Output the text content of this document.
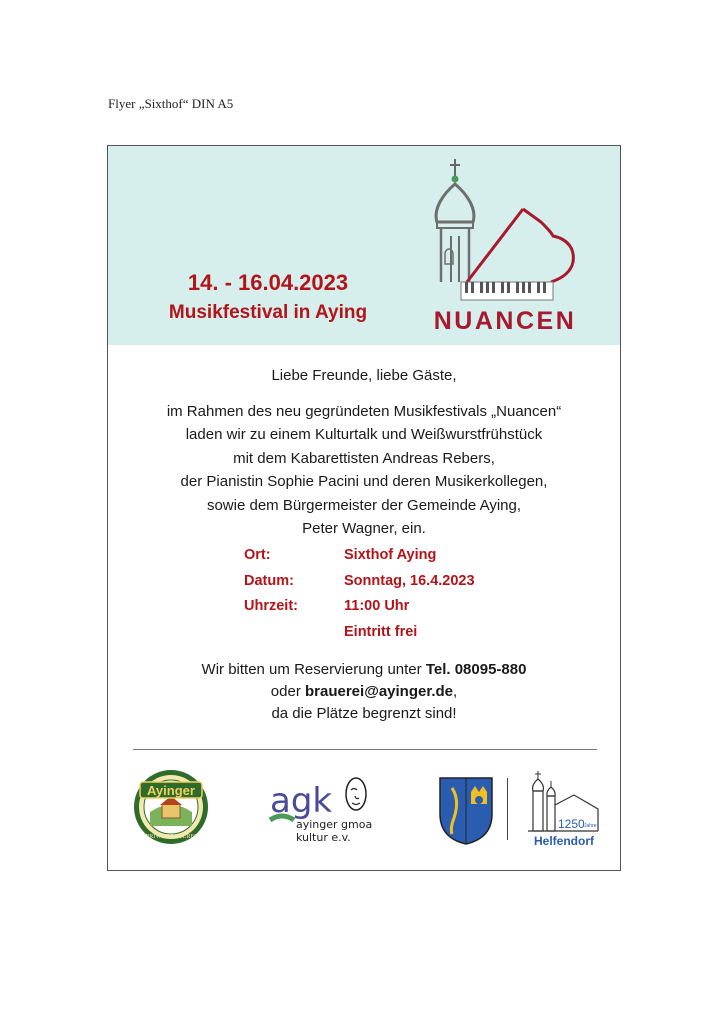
Flyer „Sixthof“ DIN A5
14. - 16.04.2023
Musikfestival in Aying	NUANCEN
Liebe Freunde, liebe Gäste,
im Rahmen des neu gegründeten Musikfestivals „Nuancen“
laden wir zu einem Kulturtalk und Weißwurstfrühstück
mit dem Kabarettisten Andreas Rebers,
der Pianistin Sophie Pacini und deren Musikerkollegen,
sowie dem Bürgermeister der Gemeinde Aying,
Peter Wagner, ein.
Ort:	Sixthof Aying
Datum:	Sonntag, 16.4.2023
Uhrzeit:	11:00 Uhr
Eintritt frei
Wir bitten um Reservierung unter Tel. 08095-880
oder brauerei@ayinger.de,
da die Plätze begrenzt sind!
Ayinger
PRIVATBRAUEREI
agk
ayinger gmoa
kultur e.v.
1250 Jahre
Helfendorf
